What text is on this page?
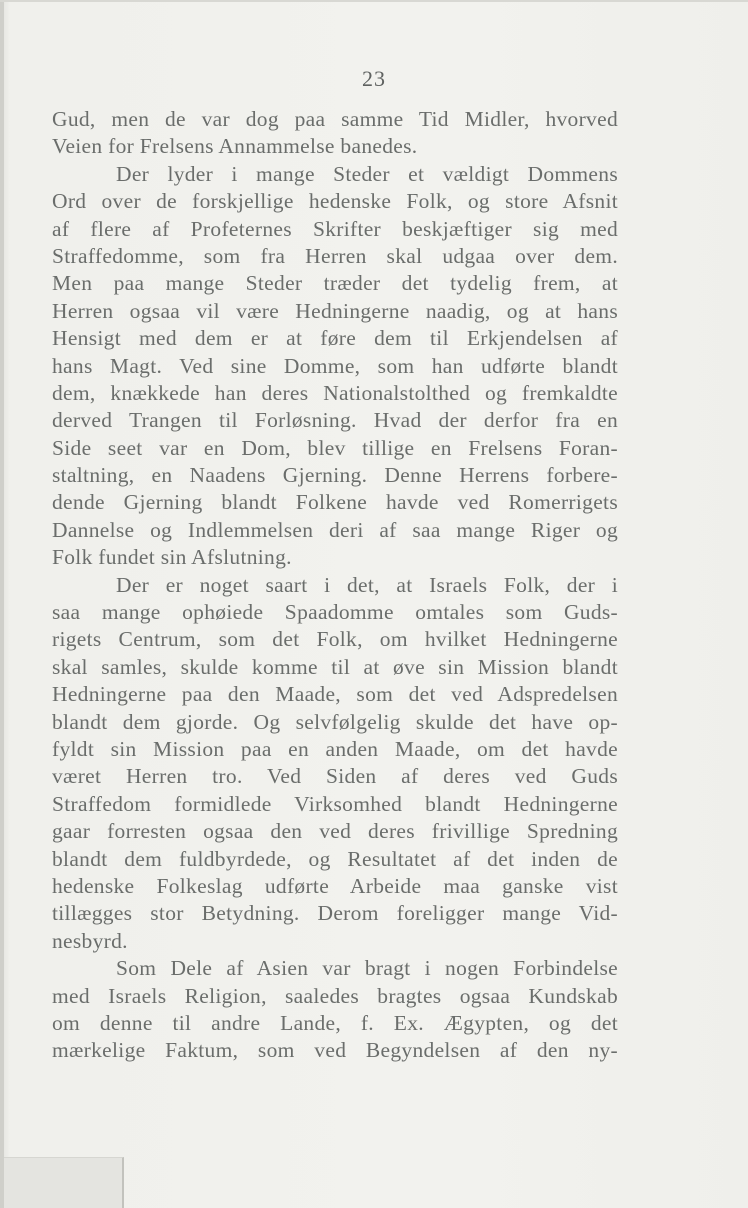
23
Gud, men de var dog paa samme Tid Midler, hvorved
Veien for Frelsens Annammelse banedes.
Der lyder i mange Steder et vældigt Dommens
Ord over de forskjellige hedenske Folk, og store Afsnit
af flere af Profeternes Skrifter beskjæftiger sig med
Straffedomme, som fra Herren skal udgaa over dem.
Men paa mange Steder træder det tydelig frem, at
Herren ogsaa vil være Hedningerne naadig, og at hans
Hensigt med dem er at føre dem til Erkjendelsen af
hans Magt. Ved sine Domme, som han udførte blandt
dem, knækkede han deres Nationalstolthed og fremkaldte
derved Trangen til Forløsning. Hvad der derfor fra en
Side seet var en Dom, blev tillige en Frelsens Foran-
staltning, en Naadens Gjerning. Denne Herrens forbere-
dende Gjerning blandt Folkene havde ved Romerrigets
Dannelse og Indlemmelsen deri af saa mange Riger og
Folk fundet sin Afslutning.
Der er noget saart i det, at Israels Folk, der i
saa mange ophøiede Spaadomme omtales som Guds-
rigets Centrum, som det Folk, om hvilket Hedningerne
skal samles, skulde komme til at øve sin Mission blandt
Hedningerne paa den Maade, som det ved Adspredelsen
blandt dem gjorde. Og selvfølgelig skulde det have op-
fyldt sin Mission paa en anden Maade, om det havde
været Herren tro. Ved Siden af deres ved Guds
Straffedom formidlede Virksomhed blandt Hedningerne
gaar forresten ogsaa den ved deres frivillige Spredning
blandt dem fuldbyrdede, og Resultatet af det inden de
hedenske Folkeslag udførte Arbeide maa ganske vist
tillægges stor Betydning. Derom foreligger mange Vid-
nesbyrd.
Som Dele af Asien var bragt i nogen Forbindelse
med Israels Religion, saaledes bragtes ogsaa Kundskab
om denne til andre Lande, f. Ex. Ægypten, og det
mærkelige Faktum, som ved Begyndelsen af den ny-
